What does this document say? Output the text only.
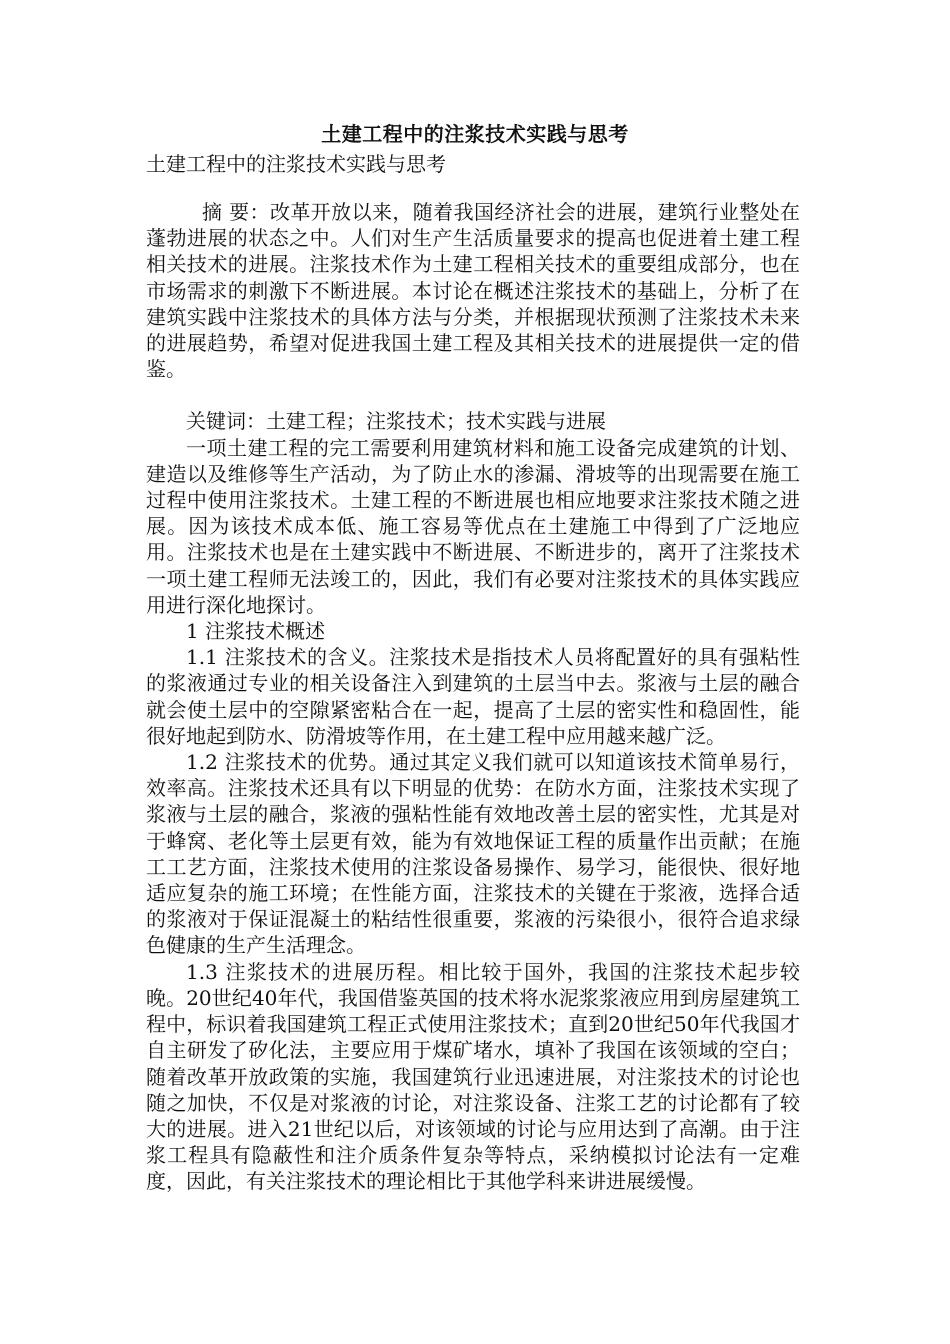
土建工程中的注浆技术实践与思考
土建工程中的注浆技术实践与思考

摘 要：改革开放以来，随着我国经济社会的进展，建筑行业整处在蓬勃进展的状态之中。人们对生产生活质量要求的提高也促进着土建工程相关技术的进展。注浆技术作为土建工程相关技术的重要组成部分，也在市场需求的刺激下不断进展。本讨论在概述注浆技术的基础上，分析了在建筑实践中注浆技术的具体方法与分类，并根据现状预测了注浆技术未来的进展趋势，希望对促进我国土建工程及其相关技术的进展提供一定的借鉴。

关键词：土建工程；注浆技术；技术实践与进展

一项土建工程的完工需要利用建筑材料和施工设备完成建筑的计划、建造以及维修等生产活动，为了防止水的渗漏、滑坡等的出现需要在施工过程中使用注浆技术。土建工程的不断进展也相应地要求注浆技术随之进展。因为该技术成本低、施工容易等优点在土建施工中得到了广泛地应用。注浆技术也是在土建实践中不断进展、不断进步的，离开了注浆技术一项土建工程师无法竣工的，因此，我们有必要对注浆技术的具体实践应用进行深化地探讨。

1 注浆技术概述

1.1 注浆技术的含义。注浆技术是指技术人员将配置好的具有强粘性的浆液通过专业的相关设备注入到建筑的土层当中去。浆液与土层的融合就会使土层中的空隙紧密粘合在一起，提高了土层的密实性和稳固性，能很好地起到防水、防滑坡等作用，在土建工程中应用越来越广泛。

1.2 注浆技术的优势。通过其定义我们就可以知道该技术简单易行，效率高。注浆技术还具有以下明显的优势：在防水方面，注浆技术实现了浆液与土层的融合，浆液的强粘性能有效地改善土层的密实性，尤其是对于蜂窝、老化等土层更有效，能为有效地保证工程的质量作出贡献；在施工工艺方面，注浆技术使用的注浆设备易操作、易学习，能很快、很好地适应复杂的施工环境；在性能方面，注浆技术的关键在于浆液，选择合适的浆液对于保证混凝土的粘结性很重要，浆液的污染很小，很符合追求绿色健康的生产生活理念。

1.3 注浆技术的进展历程。相比较于国外，我国的注浆技术起步较晚。20世纪40年代，我国借鉴英国的技术将水泥浆浆液应用到房屋建筑工程中，标识着我国建筑工程正式使用注浆技术；直到20世纪50年代我国才自主研发了矽化法，主要应用于煤矿堵水，填补了我国在该领域的空白；随着改革开放政策的实施，我国建筑行业迅速进展，对注浆技术的讨论也随之加快，不仅是对浆液的讨论，对注浆设备、注浆工艺的讨论都有了较大的进展。进入21世纪以后，对该领域的讨论与应用达到了高潮。由于注浆工程具有隐蔽性和注介质条件复杂等特点，采纳模拟讨论法有一定难度，因此，有关注浆技术的理论相比于其他学科来讲进展缓慢。
